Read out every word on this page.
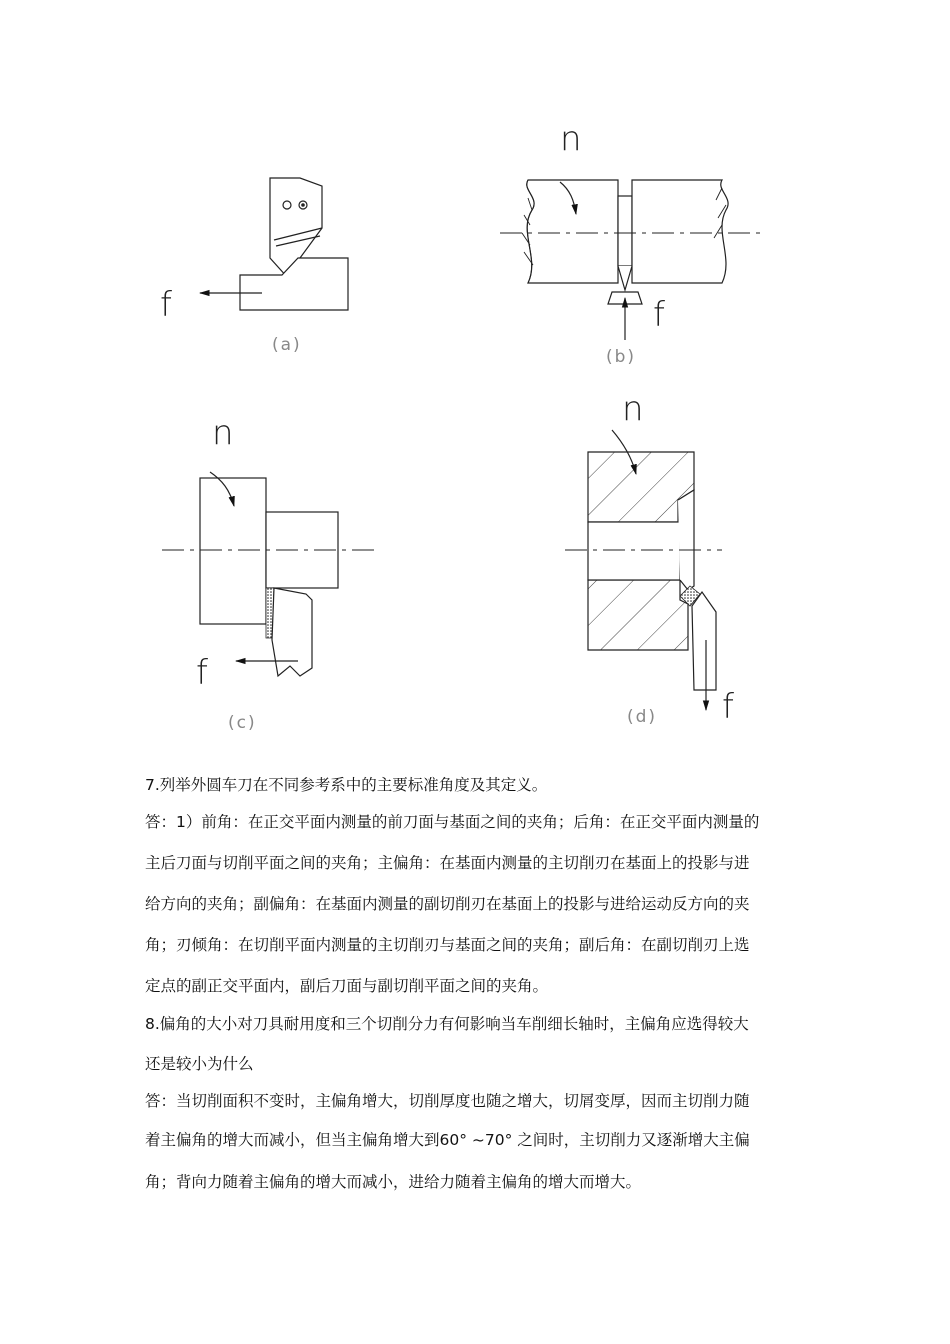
f
(a)
n
f
(b)
n
f
(c)
n
f
(d)
7.列举外圆车刀在不同参考系中的主要标准角度及其定义。
答：1）前角：在正交平面内测量的前刀面与基面之间的夹角；后角：在正交平面内测量的
主后刀面与切削平面之间的夹角；主偏角：在基面内测量的主切削刃在基面上的投影与进
给方向的夹角；副偏角：在基面内测量的副切削刃在基面上的投影与进给运动反方向的夹
角；刃倾角：在切削平面内测量的主切削刃与基面之间的夹角；副后角：在副切削刃上选
定点的副正交平面内，副后刀面与副切削平面之间的夹角。
8.偏角的大小对刀具耐用度和三个切削分力有何影响当车削细长轴时，主偏角应选得较大
还是较小为什么
答：当切削面积不变时，主偏角增大，切削厚度也随之增大，切屑变厚，因而主切削力随
着主偏角的增大而减小，但当主偏角增大到60° ~70° 之间时，主切削力又逐渐增大主偏
角；背向力随着主偏角的增大而减小，进给力随着主偏角的增大而增大。
